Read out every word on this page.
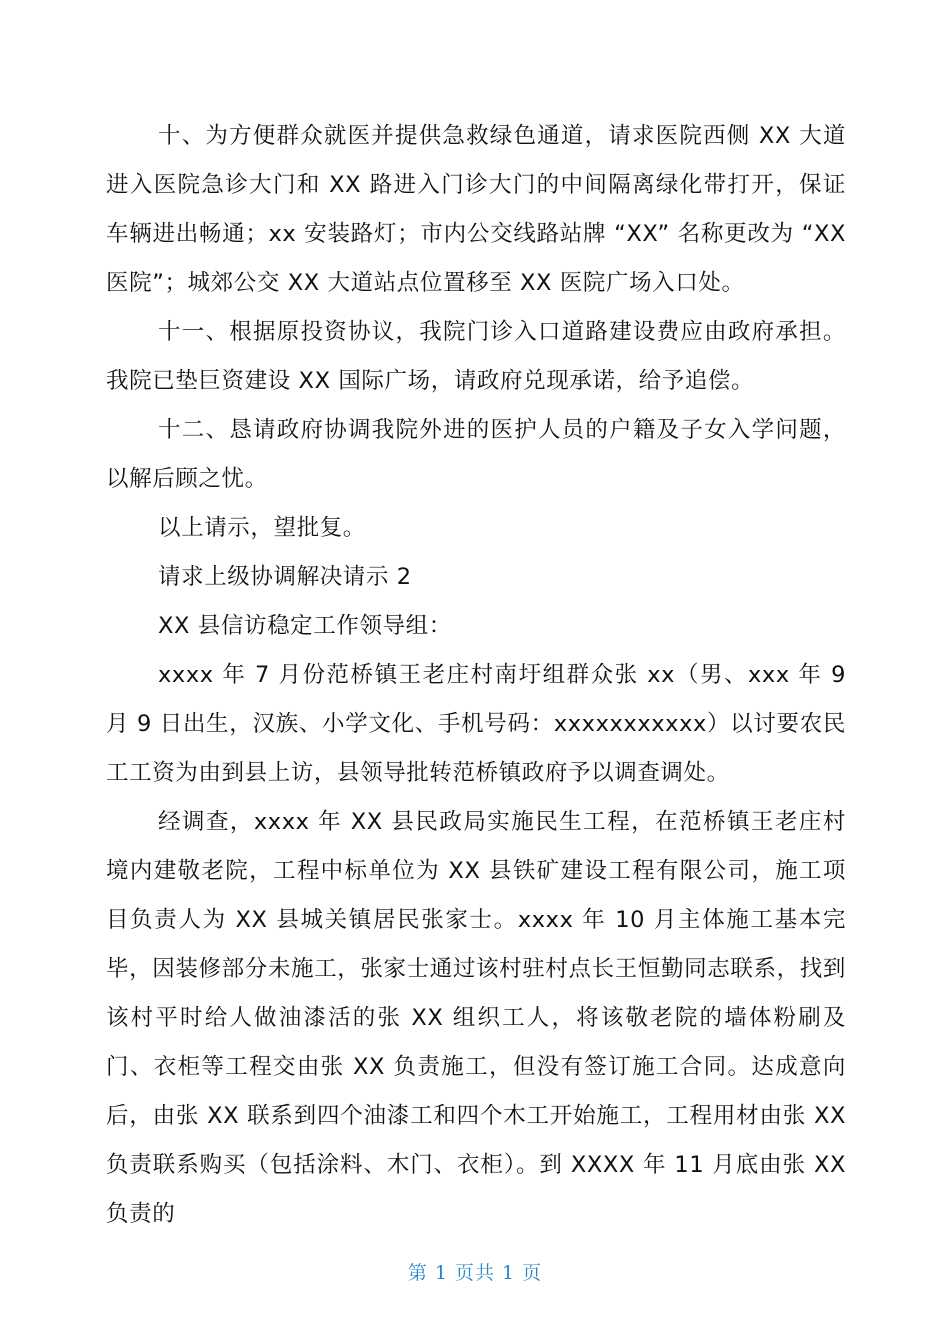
十、为方便群众就医并提供急救绿色通道，请求医院西侧 XX 大道进入医院急诊大门和 XX 路进入门诊大门的中间隔离绿化带打开，保证车辆进出畅通；xx 安装路灯；市内公交线路站牌 “XX” 名称更改为 “XX 医院”；城郊公交 XX 大道站点位置移至 XX 医院广场入口处。

十一、根据原投资协议，我院门诊入口道路建设费应由政府承担。我院已垫巨资建设 XX 国际广场，请政府兑现承诺，给予追偿。

十二、恳请政府协调我院外进的医护人员的户籍及子女入学问题，以解后顾之忧。

以上请示，望批复。

请求上级协调解决请示 2

XX 县信访稳定工作领导组：

xxxx 年 7 月份范桥镇王老庄村南圩组群众张 xx（男、xxx 年 9 月 9 日出生，汉族、小学文化、手机号码：xxxxxxxxxxx）以讨要农民工工资为由到县上访，县领导批转范桥镇政府予以调查调处。

经调查，xxxx 年 XX 县民政局实施民生工程，在范桥镇王老庄村境内建敬老院，工程中标单位为 XX 县铁矿建设工程有限公司，施工项目负责人为 XX 县城关镇居民张家士。xxxx 年 10 月主体施工基本完毕，因装修部分未施工，张家士通过该村驻村点长王恒勤同志联系，找到该村平时给人做油漆活的张 XX 组织工人，将该敬老院的墙体粉刷及门、衣柜等工程交由张 XX 负责施工，但没有签订施工合同。达成意向后，由张 XX 联系到四个油漆工和四个木工开始施工，工程用材由张 XX 负责联系购买（包括涂料、木门、衣柜）。到 XXXX 年 11 月底由张 XX 负责的

第 1 页共 1 页
